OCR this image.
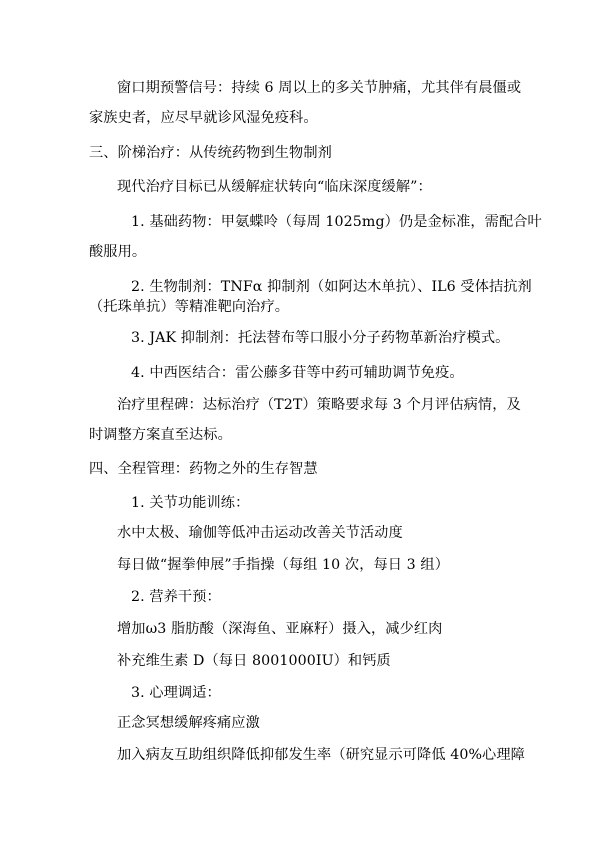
窗口期预警信号：持续 6 周以上的多关节肿痛，尤其伴有晨僵或
家族史者，应尽早就诊风湿免疫科。
三、阶梯治疗：从传统药物到生物制剂
现代治疗目标已从缓解症状转向“临床深度缓解”：
1. 基础药物：甲氨蝶呤（每周 1025mg）仍是金标准，需配合叶
酸服用。
2. 生物制剂：TNFα 抑制剂（如阿达木单抗）、IL6 受体拮抗剂
（托珠单抗）等精准靶向治疗。
3. JAK 抑制剂：托法替布等口服小分子药物革新治疗模式。
4. 中西医结合：雷公藤多苷等中药可辅助调节免疫。
治疗里程碑：达标治疗（T2T）策略要求每 3 个月评估病情，及
时调整方案直至达标。
四、全程管理：药物之外的生存智慧
1. 关节功能训练：
水中太极、瑜伽等低冲击运动改善关节活动度
每日做“握拳伸展”手指操（每组 10 次，每日 3 组）
2. 营养干预：
增加ω3 脂肪酸（深海鱼、亚麻籽）摄入，减少红肉
补充维生素 D（每日 8001000IU）和钙质
3. 心理调适：
正念冥想缓解疼痛应激
加入病友互助组织降低抑郁发生率（研究显示可降低 40%心理障
